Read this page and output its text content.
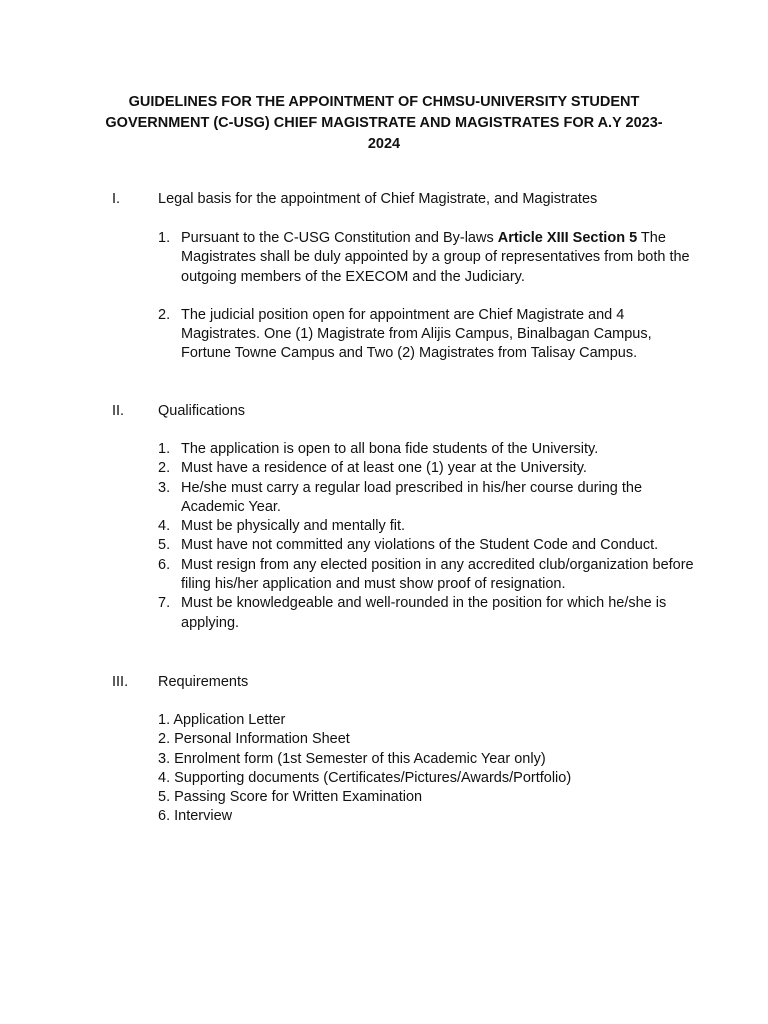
GUIDELINES FOR THE APPOINTMENT OF CHMSU-UNIVERSITY STUDENT
GOVERNMENT (C-USG) CHIEF MAGISTRATE AND MAGISTRATES FOR A.Y 2023-
2024
I.	Legal basis for the appointment of Chief Magistrate, and Magistrates
1. Pursuant to the C-USG Constitution and By-laws Article XIII Section 5 The Magistrates shall be duly appointed by a group of representatives from both the outgoing members of the EXECOM and the Judiciary.
2. The judicial position open for appointment are Chief Magistrate and 4 Magistrates. One (1) Magistrate from Alijis Campus, Binalbagan Campus, Fortune Towne Campus and Two (2) Magistrates from Talisay Campus.
II. Qualifications
1. The application is open to all bona fide students of the University.
2. Must have a residence of at least one (1) year at the University.
3. He/she must carry a regular load prescribed in his/her course during the Academic Year.
4. Must be physically and mentally fit.
5. Must have not committed any violations of the Student Code and Conduct.
6. Must resign from any elected position in any accredited club/organization before filing his/her application and must show proof of resignation.
7. Must be knowledgeable and well-rounded in the position for which he/she is applying.
III. Requirements
1. Application Letter
2. Personal Information Sheet
3. Enrolment form (1st Semester of this Academic Year only)
4. Supporting documents (Certificates/Pictures/Awards/Portfolio)
5. Passing Score for Written Examination
6. Interview
